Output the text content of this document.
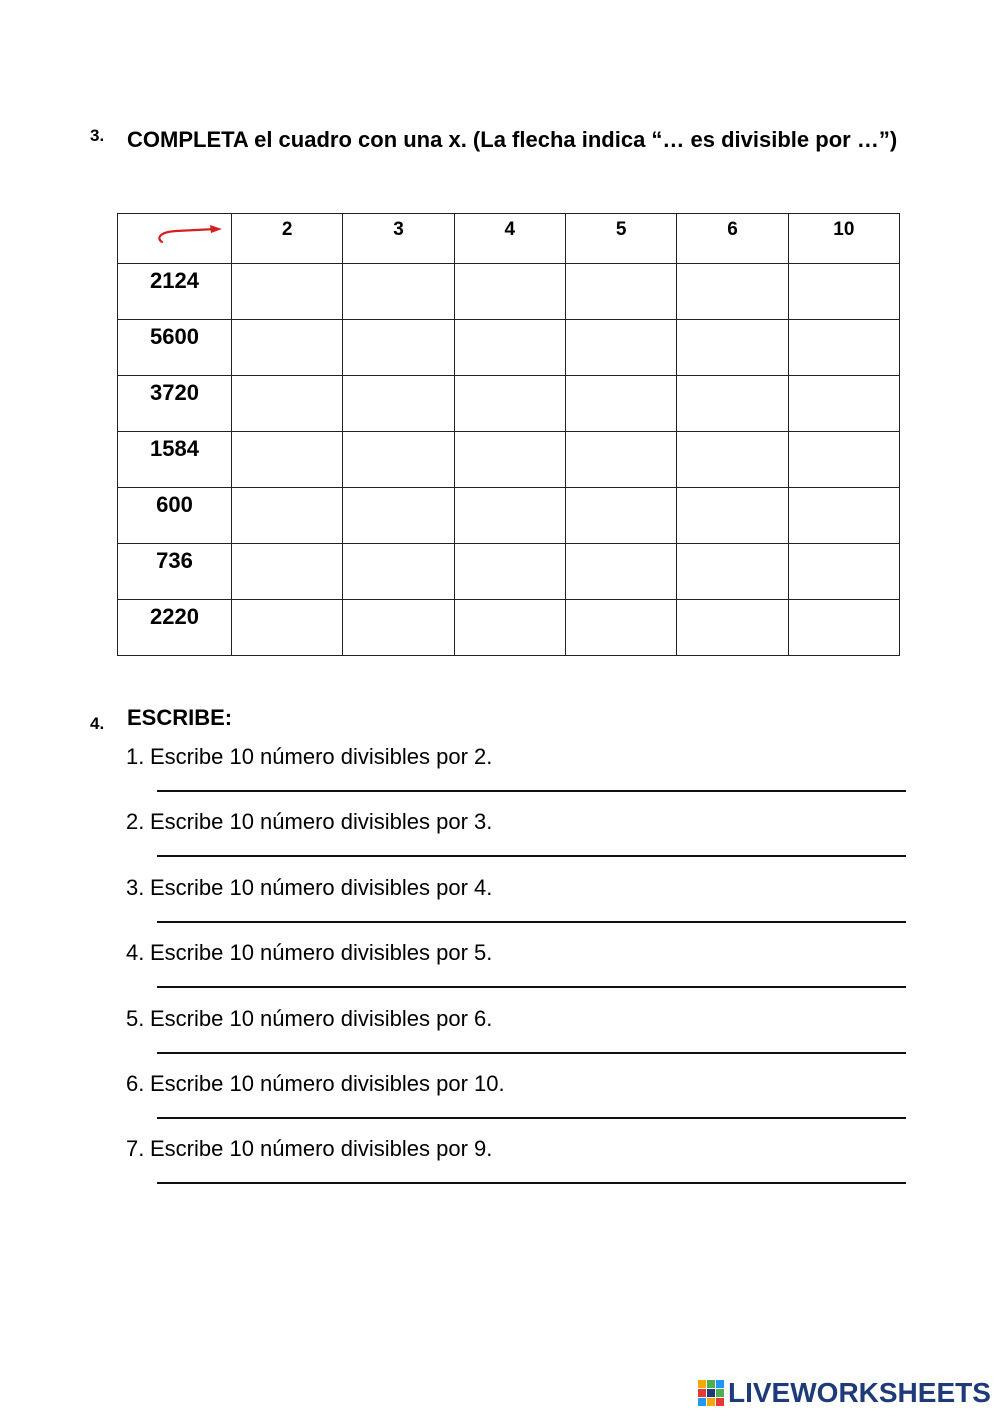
3. COMPLETA el cuadro con una x. (La flecha indica “… es divisible por …”)
	2	3	4	5	6	10
2124						
5600						
3720						
1584						
600						
736						
2220						
4. ESCRIBE:
1. Escribe 10 número divisibles por 2.
2. Escribe 10 número divisibles por 3.
3. Escribe 10 número divisibles por 4.
4. Escribe 10 número divisibles por 5.
5. Escribe 10 número divisibles por 6.
6. Escribe 10 número divisibles por 10.
7. Escribe 10 número divisibles por 9.
LIVEWORKSHEETS
